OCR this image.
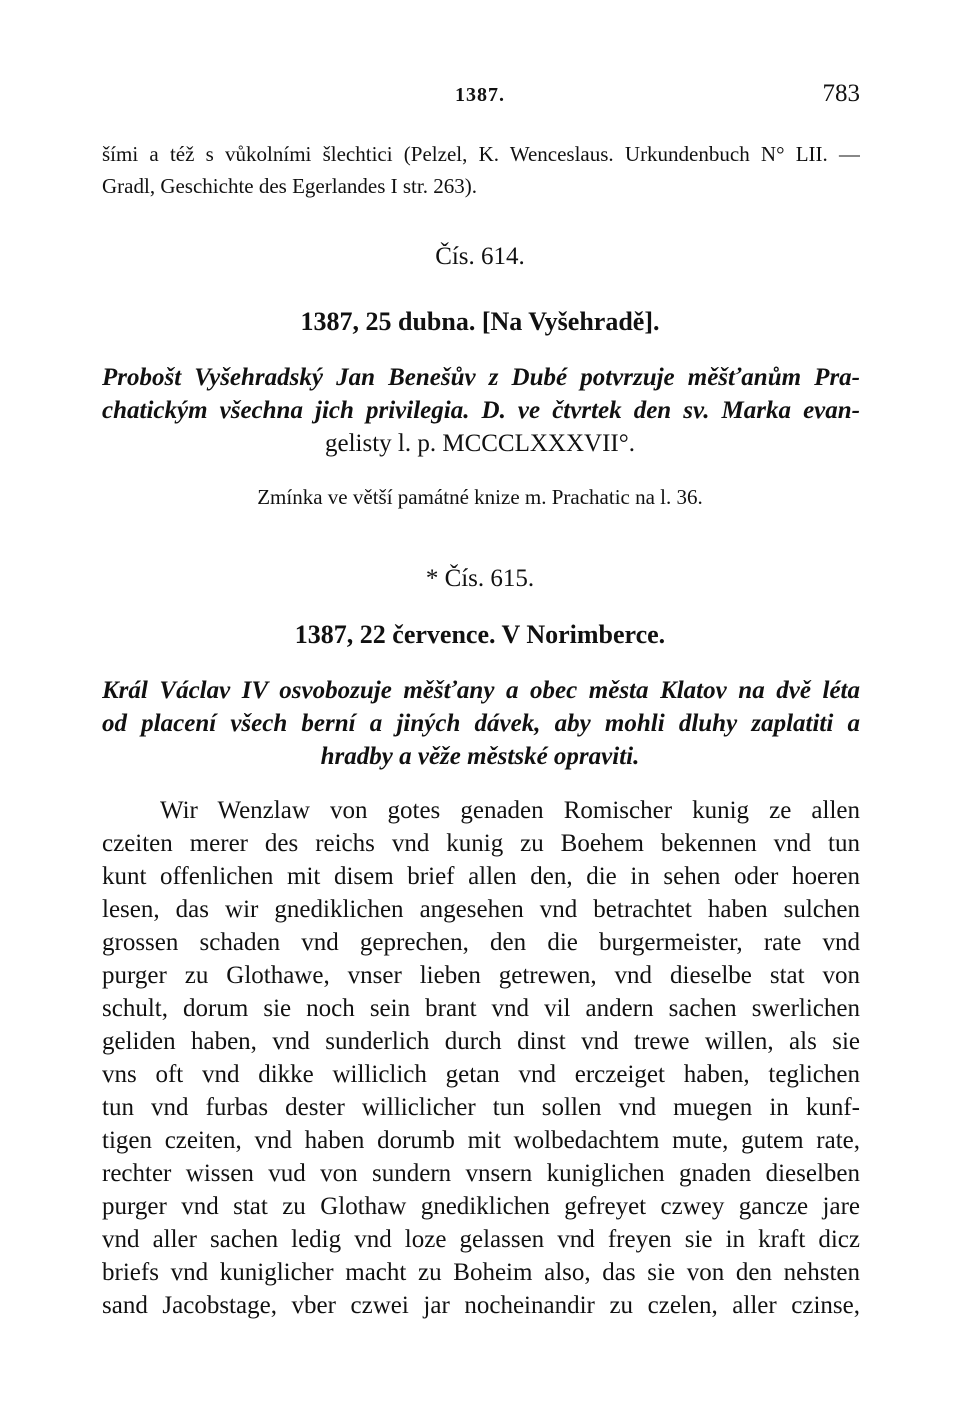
1387.	783
šími a též s vůkolními šlechtici (Pelzel, K. Wenceslaus. Urkundenbuch N° LII. —
Gradl, Geschichte des Egerlandes I str. 263).
Čís. 614.
1387, 25 dubna. [Na Vyšehradě].
Probošt Vyšehradský Jan Benešův z Dubé potvrzuje měšťanům Pra-
chatickým všechna jich privilegia. D. ve čtvrtek den sv. Marka evan-
gelisty l. p. MCCCLXXXVII°.
Zmínka ve větší památné knize m. Prachatic na l. 36.
* Čís. 615.
1387, 22 července. V Norimberce.
Král Václav IV osvobozuje měšťany a obec města Klatov na dvě léta
od placení všech berní a jiných dávek, aby mohli dluhy zaplatiti a
hradby a věže městské opraviti.
Wir Wenzlaw von gotes genaden Romischer kunig ze allen
czeiten merer des reichs vnd kunig zu Boehem bekennen vnd tun
kunt offenlichen mit disem brief allen den, die in sehen oder hoeren
lesen, das wir gnediklichen angesehen vnd betrachtet haben sulchen
grossen schaden vnd geprechen, den die burgermeister, rate vnd
purger zu Glothawe, vnser lieben getrewen, vnd dieselbe stat von
schult, dorum sie noch sein brant vnd vil andern sachen swerlichen
geliden haben, vnd sunderlich durch dinst vnd trewe willen, als sie
vns oft vnd dikke williclich getan vnd erczeiget haben, teglichen
tun vnd furbas dester williclicher tun sollen vnd muegen in kunf-
tigen czeiten, vnd haben dorumb mit wolbedachtem mute, gutem rate,
rechter wissen vud von sundern vnsern kuniglichen gnaden dieselben
purger vnd stat zu Glothaw gnediklichen gefreyet czwey gancze jare
vnd aller sachen ledig vnd loze gelassen vnd freyen sie in kraft dicz
briefs vnd kuniglicher macht zu Boheim also, das sie von den nehsten
sand Jacobstage, vber czwei jar nocheinandir zu czelen, aller czinse,
